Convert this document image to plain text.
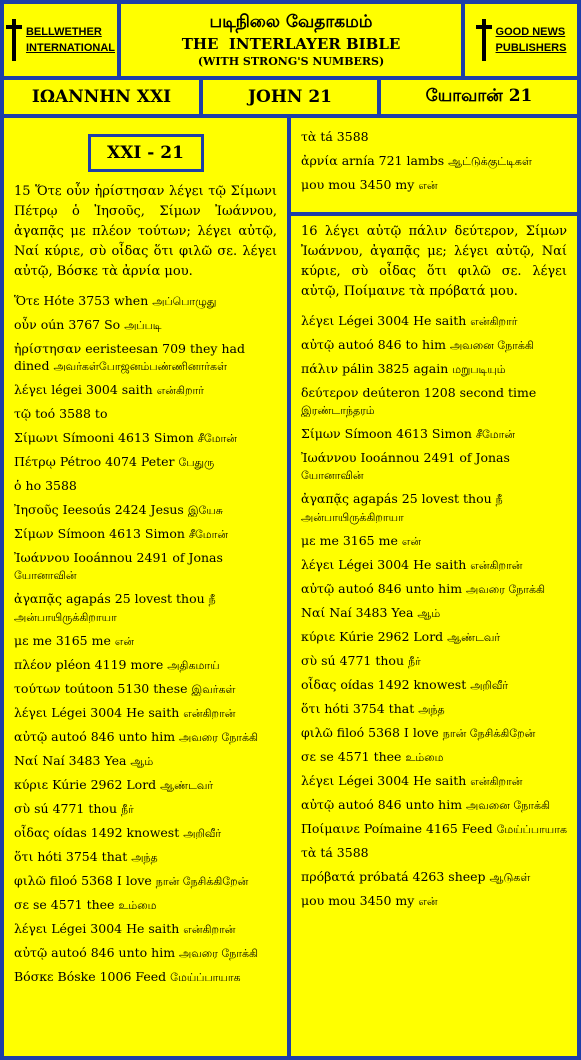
BELLWETHER
INTERNATIONAL
படிநிலை வேதாகமம்
THE  INTERLAYER BIBLE
(WITH STRONG'S NUMBERS)
GOOD NEWS
PUBLISHERS
ΙΩΑΝΝΗΝ XXI	JOHN 21	யோவான் 21
XXI - 21
15 Ὅτε οὖν ἠρίστησαν λέγει τῷ Σίμωνι Πέτρῳ ὁ Ἰησοῦς, Σίμων Ἰωάννου, ἀγαπᾷς με πλέον τούτων; λέγει αὐτῷ, Ναί κύριε, σὺ οἶδας ὅτι φιλῶ σε. λέγει αὐτῷ, Βόσκε τὰ ἀρνία μου.
Ὅτε Hóte 3753 when அப்பொழுது
οὖν oún 3767 So அப்படி
ἠρίστησαν eeristeesan 709 they had dined அவர்கள்போஜனம்பண்ணினார்கள்
λέγει légei 3004 saith என்கிறார்
τῷ toó 3588 to
Σίμωνι Símooni 4613 Simon சீமோன்
Πέτρῳ Pétroo 4074 Peter பேதுரு
ὁ ho 3588
Ἰησοῦς Ieesoús 2424 Jesus இயேசு
Σίμων Símoon 4613 Simon சீமோன்
Ἰωάννου Iooánnou 2491 of Jonas யோனாவின்
ἀγαπᾷς agapás 25 lovest thou நீ அன்பாயிருக்கிறாயா
με me 3165 me என்
πλέον pléon 4119 more அதிகமாய்
τούτων toútoon 5130 these இவர்கள்
λέγει Légei 3004 He saith என்கிறான்
αὐτῷ autoó 846 unto him அவரை நோக்கி
Ναί Naí 3483 Yea ஆம்
κύριε Kúrie 2962 Lord ஆண்டவர்
σὺ sú 4771 thou நீர்
οἶδας oídas 1492 knowest அறிவீர்
ὅτι hóti 3754 that அந்த
φιλῶ filoó 5368 I love நான் நேசிக்கிறேன்
σε se 4571 thee உம்மை
λέγει Légei 3004 He saith என்கிறான்
αὐτῷ autoó 846 unto him அவரை நோக்கி
Βόσκε Bóske 1006 Feed மேய்ப்பாயாக
τὰ tá 3588
ἀρνία arnía 721 lambs ஆட்டுக்குட்டிகள்
μου mou 3450 my என்
16 λέγει αὐτῷ πάλιν δεύτερον, Σίμων Ἰωάννου, ἀγαπᾷς με; λέγει αὐτῷ, Ναί κύριε, σὺ οἶδας ὅτι φιλῶ σε. λέγει αὐτῷ, Ποίμαινε τὰ πρόβατά μου.
λέγει Légei 3004 He saith என்கிறார்
αὐτῷ autoó 846 to him அவனை நோக்கி
πάλιν pálin 3825 again மறுபடியும்
δεύτερον deúteron 1208 second time இரண்டாந்தரம்
Σίμων Símoon 4613 Simon சீமோன்
Ἰωάννου Iooánnou 2491 of Jonas யோனாவின்
ἀγαπᾷς agapás 25 lovest thou நீ அன்பாயிருக்கிறாயா
με me 3165 me என்
λέγει Légei 3004 He saith என்கிறான்
αὐτῷ autoó 846 unto him அவரை நோக்கி
Ναί Naí 3483 Yea ஆம்
κύριε Kúrie 2962 Lord ஆண்டவர்
σὺ sú 4771 thou நீர்
οἶδας oídas 1492 knowest அறிவீர்
ὅτι hóti 3754 that அந்த
φιλῶ filoó 5368 I love நான் நேசிக்கிறேன்
σε se 4571 thee உம்மை
λέγει Légei 3004 He saith என்கிறான்
αὐτῷ autoó 846 unto him அவனை நோக்கி
Ποίμαινε Poímaine 4165 Feed மேய்ப்பாயாக
τὰ tá 3588
πρόβατά próbatá 4263 sheep ஆடுகள்
μου mou 3450 my என்
